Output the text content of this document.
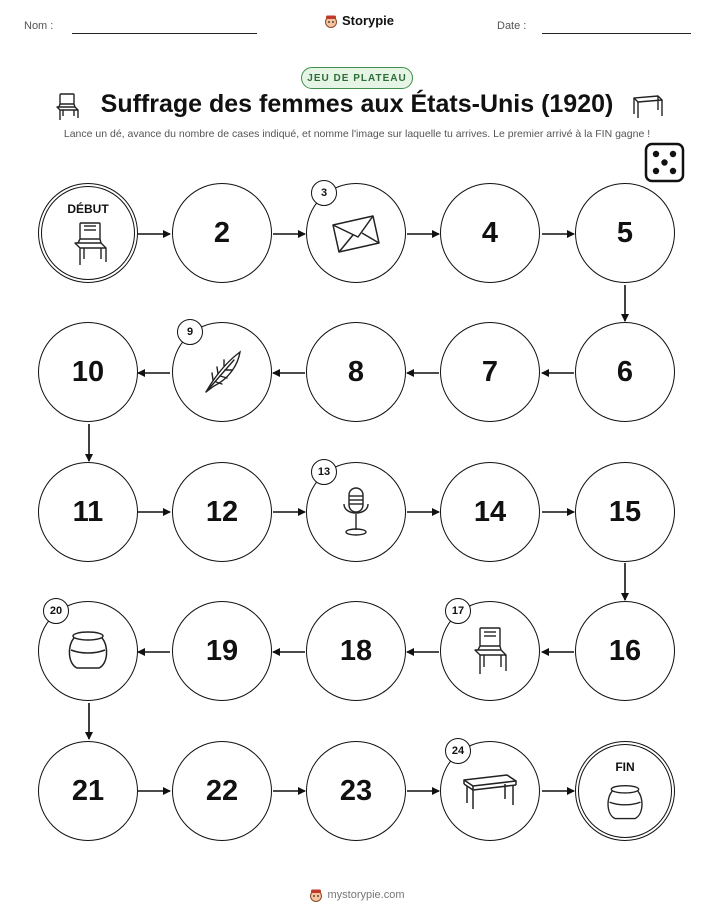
Nom :	Storypie	Date :
JEU DE PLATEAU
Suffrage des femmes aux États-Unis (1920)
Lance un dé, avance du nombre de cases indiqué, et nomme l'image sur laquelle tu arrives. Le premier arrivé à la FIN gagne !
DÉBUT
2
3
4	5
6
7
8
9
10
11	12
13
14	15
16
17
18
19
20
21	22	23
24
FIN
mystorypie.com
